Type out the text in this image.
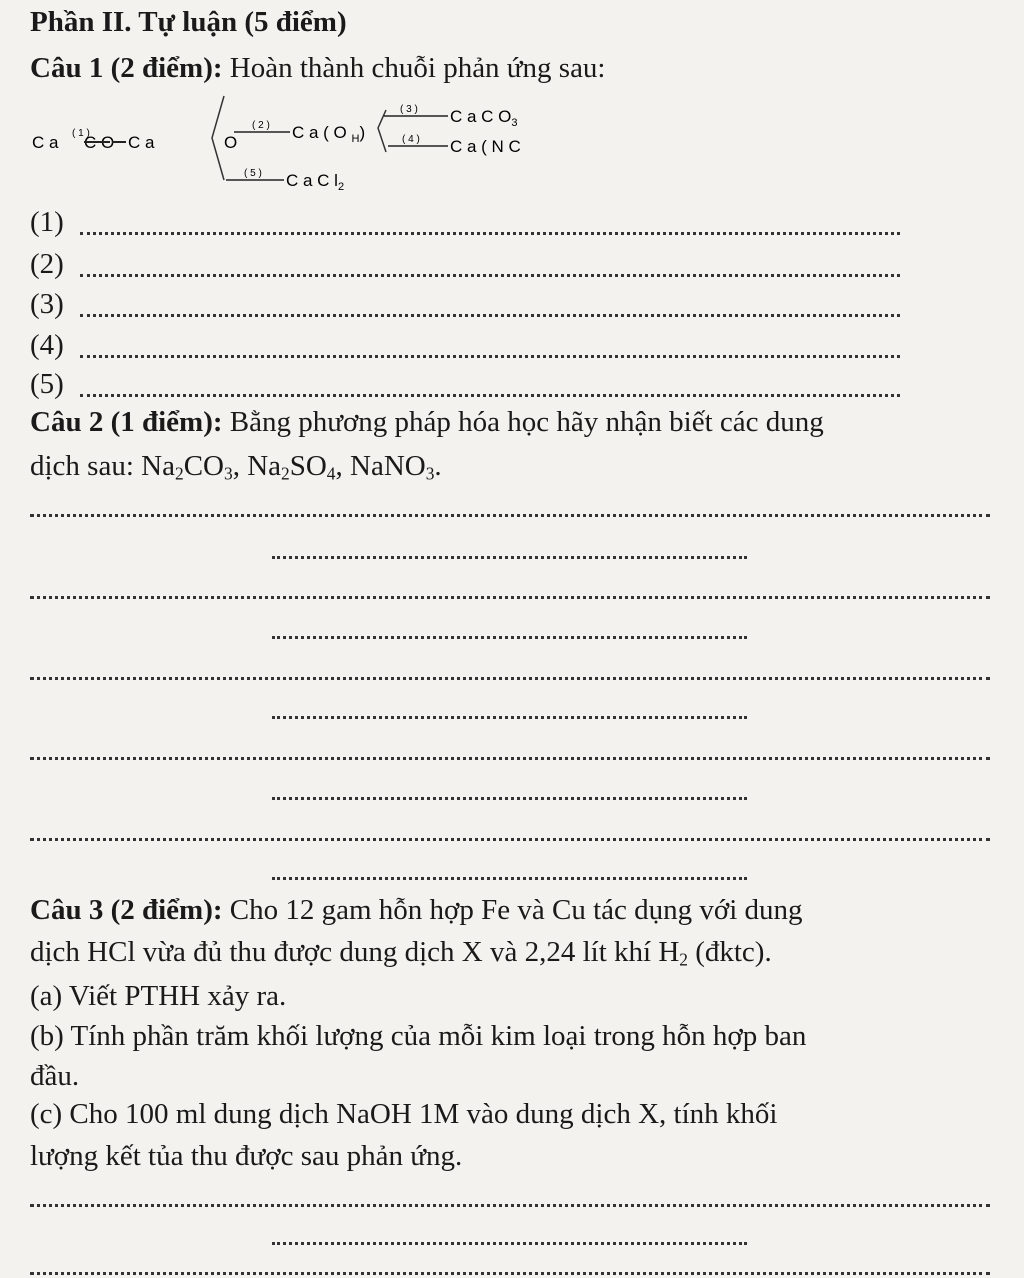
Phần II. Tự luận (5 điểm)
Câu 1 (2 điểm): Hoàn thành chuỗi phản ứng sau:
C a C O C a	O
( 2 ) C a ( O $_H$)
( 3 ) C a C $O_3$
( 4 ) C a ( N C
( 5 ) C a C $l_2$
( 1 )
(1)
(2)
(3)
(4)
(5)
Câu 2 (1 điểm): Bằng phương pháp hóa học hãy nhận biết các dung
dịch sau: $Na_2CO_3$, $Na_2SO_4$, NaNO$_3$.
Câu 3 (2 điểm): Cho 12 gam hỗn hợp Fe và Cu tác dụng với dung
dịch HCl vừa đủ thu được dung dịch X và 2,24 lít khí $H_2$ (đktc).
(a) Viết PTHH xảy ra.
(b) Tính phần trăm khối lượng của mỗi kim loại trong hỗn hợp ban
đầu.
(c) Cho 100 ml dung dịch NaOH 1M vào dung dịch X, tính khối
lượng kết tủa thu được sau phản ứng.
